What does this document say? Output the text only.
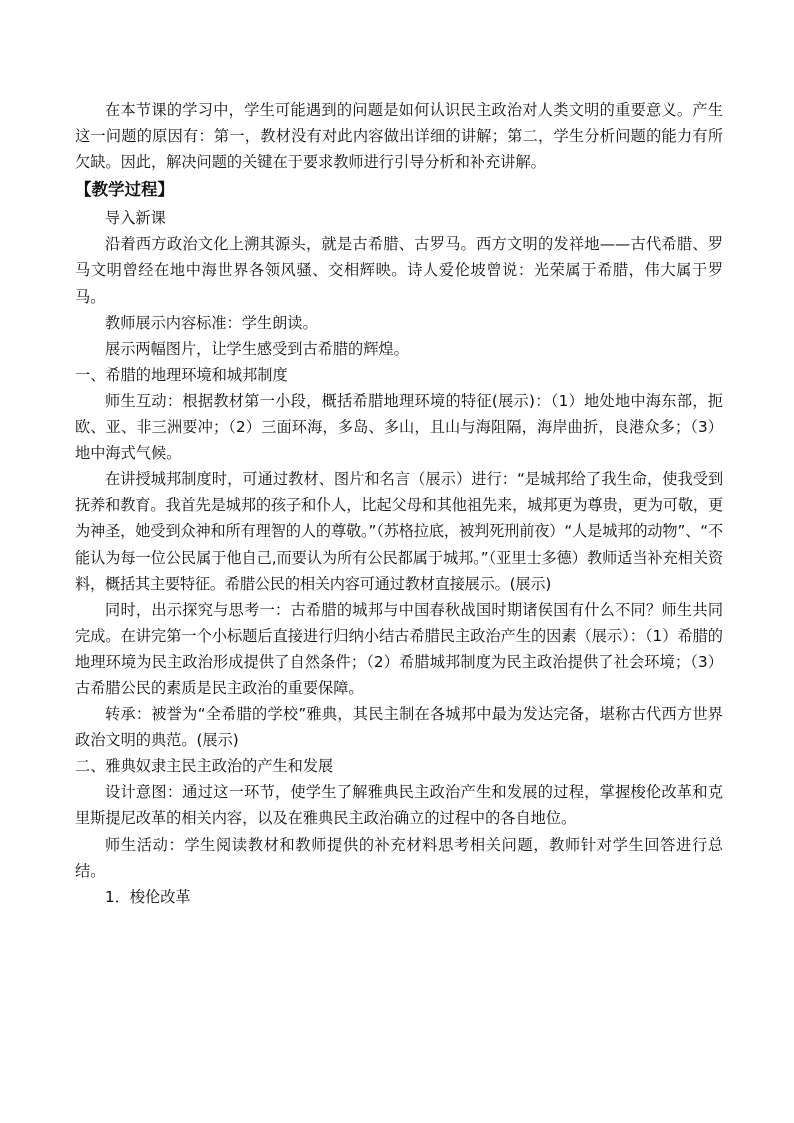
在本节课的学习中，学生可能遇到的问题是如何认识民主政治对人类文明的重要意义。产生这一问题的原因有：第一，教材没有对此内容做出详细的讲解；第二，学生分析问题的能力有所欠缺。因此，解决问题的关键在于要求教师进行引导分析和补充讲解。

【教学过程】

导入新课

沿着西方政治文化上溯其源头，就是古希腊、古罗马。西方文明的发祥地——古代希腊、罗马文明曾经在地中海世界各领风骚、交相辉映。诗人爱伦坡曾说：光荣属于希腊，伟大属于罗马。

教师展示内容标准：学生朗读。

展示两幅图片，让学生感受到古希腊的辉煌。

一、希腊的地理环境和城邦制度

师生互动：根据教材第一小段，概括希腊地理环境的特征(展示)：（1）地处地中海东部，扼欧、亚、非三洲要冲；（2）三面环海，多岛、多山，且山与海阻隔，海岸曲折，良港众多；（3）地中海式气候。

在讲授城邦制度时，可通过教材、图片和名言（展示）进行：“是城邦给了我生命，使我受到抚养和教育。我首先是城邦的孩子和仆人，比起父母和其他祖先来，城邦更为尊贵，更为可敬，更为神圣，她受到众神和所有理智的人的尊敬。”（苏格拉底，被判死刑前夜）“人是城邦的动物”、“不能认为每一位公民属于他自己,而要认为所有公民都属于城邦。”（亚里士多德）教师适当补充相关资料，概括其主要特征。希腊公民的相关内容可通过教材直接展示。(展示)

同时，出示探究与思考一：古希腊的城邦与中国春秋战国时期诸侯国有什么不同？师生共同完成。在讲完第一个小标题后直接进行归纳小结古希腊民主政治产生的因素（展示）：（1）希腊的地理环境为民主政治形成提供了自然条件；（2）希腊城邦制度为民主政治提供了社会环境；（3）古希腊公民的素质是民主政治的重要保障。

转承：被誉为“全希腊的学校”雅典，其民主制在各城邦中最为发达完备，堪称古代西方世界政治文明的典范。(展示)

二、雅典奴隶主民主政治的产生和发展

设计意图：通过这一环节，使学生了解雅典民主政治产生和发展的过程，掌握梭伦改革和克里斯提尼改革的相关内容，以及在雅典民主政治确立的过程中的各自地位。

师生活动：学生阅读教材和教师提供的补充材料思考相关问题，教师针对学生回答进行总结。

1．梭伦改革
